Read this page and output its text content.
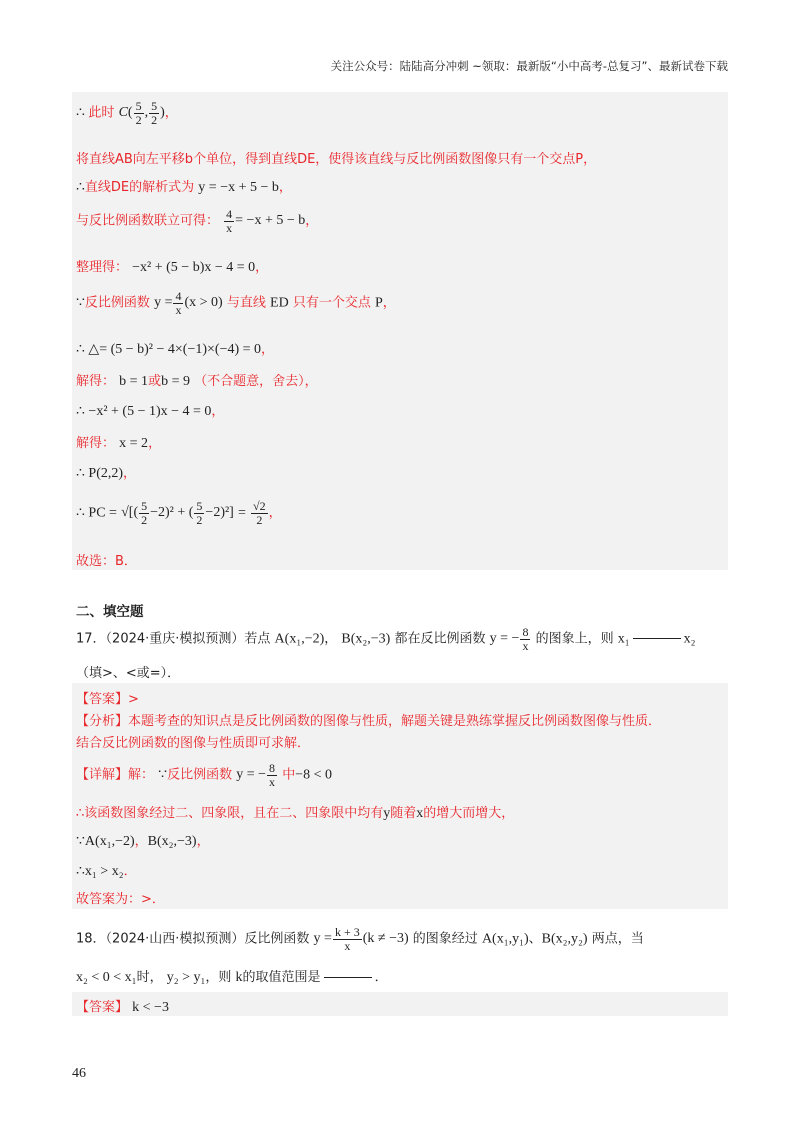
关注公众号：陆陆高分冲刺 ~领取：最新版“小中高考-总复习”、最新试卷下载
∴ 此时 $C( \frac{5}{2}$ , $\frac{5}{2}$ )，
将直线AB向左平移b个单位，得到直线DE，使得该直线与反比例函数图像只有一个交点P，
∴直线DE的解析式为 y = −x + 5 − b，
与反比例函数联立可得： $\frac{4}{x} = -x + 5 - b$，
整理得： −x² + (5 − b)x − 4 = 0，
∵反比例函数 $y = \frac{4}{x} (x > 0)$ 与直线 ED 只有一个交点 P，
∴ △= (5 − b)² − 4×(−1)×(−4) = 0，
解得： b = 1或b = 9 （不合题意，舍去），
∴ −x² + (5 − 1)x − 4 = 0，
解得： x = 2，
∴ P(2,2)，
∴ PC = √[( $\frac{5}{2} -2)^2$ + ( $\frac{5}{2} -2)^2] = \frac{√2}{2}$ ，
故选：B．
二、填空题
17．（2024·重庆·模拟预测）若点 A(x₁,−2)， B(x₂,−3) 都在反比例函数 y = − $\frac{8}{x}$ 的图象上，则 x₁	x₂
（填>、<或=）．
【答案】>
【分析】本题考查的知识点是反比例函数的图像与性质，解题关键是熟练掌握反比例函数图像与性质．
结合反比例函数的图像与性质即可求解．
【详解】解： ∵反比例函数 y = − $\frac{8}{x}$ 中−8 < 0
∴该函数图象经过二、四象限，且在二、四象限中均有y随着x的增大而增大，
∵A(x₁,−2)，B(x₂,−3)，
∴x₁ > x₂．
故答案为：>．
18．（2024·山西·模拟预测）反比例函数 $y = \frac{k + 3}{x} (k \ne -3)$ 的图象经过 A(x₁,y₁)、B(x₂,y₂) 两点，当
x₂ < 0 < x₁时， y₂ > y₁，则 k的取值范围是	．
【答案】 k < −3
46
